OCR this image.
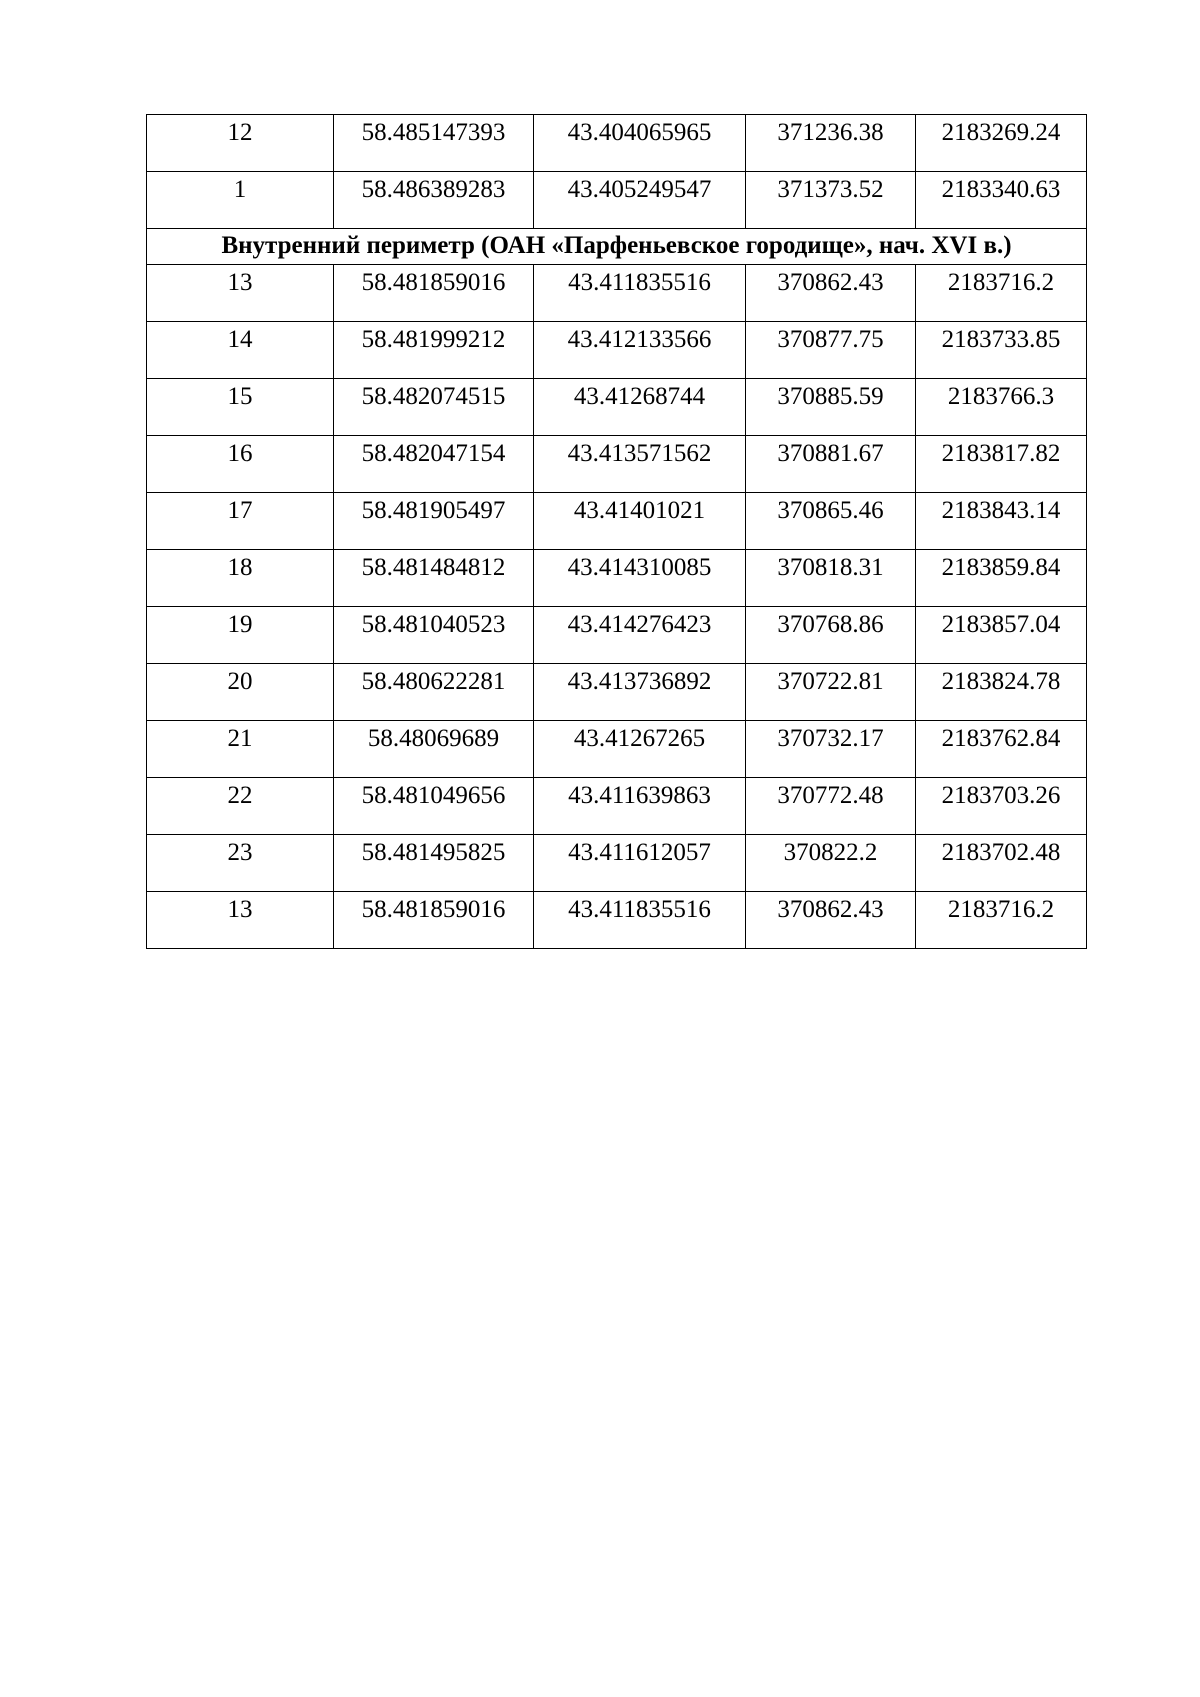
12	58.485147393	43.404065965	371236.38	2183269.24
1	58.486389283	43.405249547	371373.52	2183340.63
Внутренний периметр (ОАН «Парфеньевское городище», нач. XVI в.)				
13	58.481859016	43.411835516	370862.43	2183716.2
14	58.481999212	43.412133566	370877.75	2183733.85
15	58.482074515	43.41268744	370885.59	2183766.3
16	58.482047154	43.413571562	370881.67	2183817.82
17	58.481905497	43.41401021	370865.46	2183843.14
18	58.481484812	43.414310085	370818.31	2183859.84
19	58.481040523	43.414276423	370768.86	2183857.04
20	58.480622281	43.413736892	370722.81	2183824.78
21	58.48069689	43.41267265	370732.17	2183762.84
22	58.481049656	43.411639863	370772.48	2183703.26
23	58.481495825	43.411612057	370822.2	2183702.48
13	58.481859016	43.411835516	370862.43	2183716.2
